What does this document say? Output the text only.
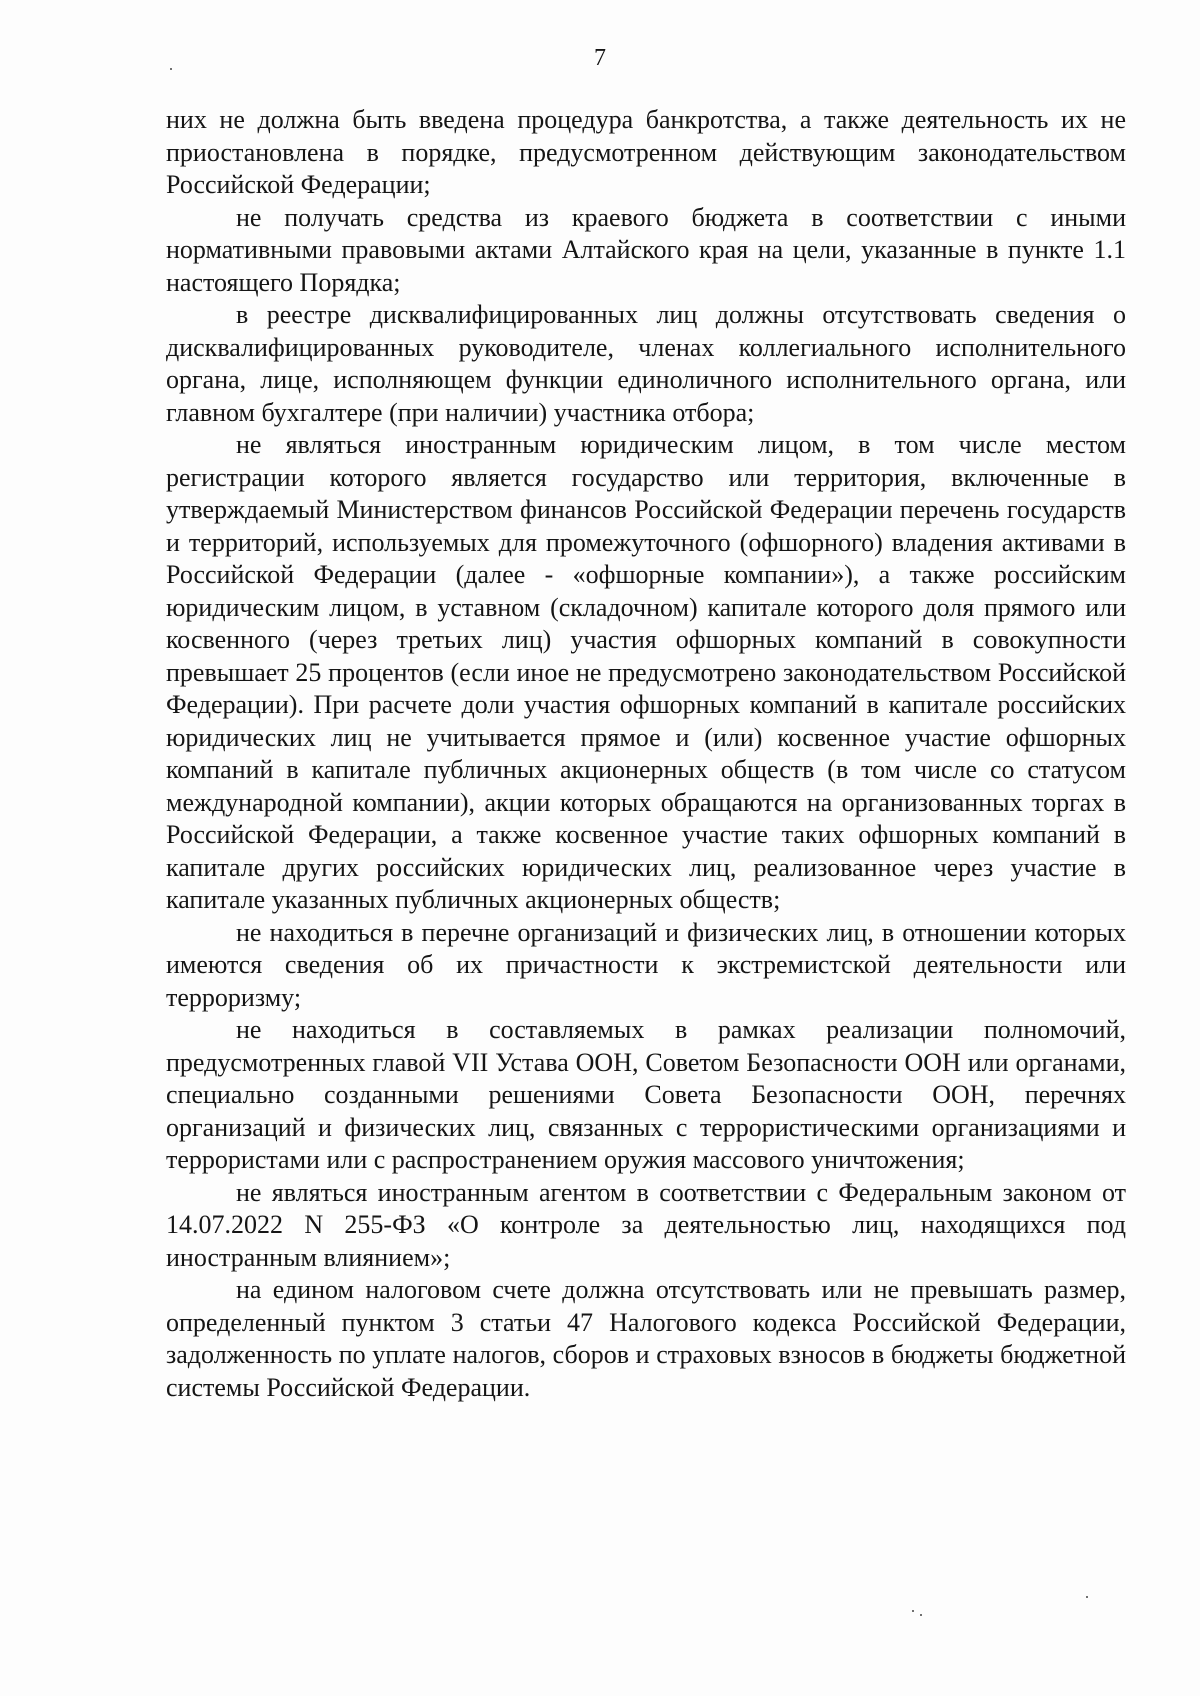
7

них не должна быть введена процедура банкротства, а также деятельность их не приостановлена в порядке, предусмотренном действующим законодательством Российской Федерации;

не получать средства из краевого бюджета в соответствии с иными нормативными правовыми актами Алтайского края на цели, указанные в пункте 1.1 настоящего Порядка;

в реестре дисквалифицированных лиц должны отсутствовать сведения о дисквалифицированных руководителе, членах коллегиального исполнительного органа, лице, исполняющем функции единоличного исполнительного органа, или главном бухгалтере (при наличии) участника отбора;

не являться иностранным юридическим лицом, в том числе местом регистрации которого является государство или территория, включенные в утверждаемый Министерством финансов Российской Федерации перечень государств и территорий, используемых для промежуточного (офшорного) владения активами в Российской Федерации (далее - «офшорные компании»), а также российским юридическим лицом, в уставном (складочном) капитале которого доля прямого или косвенного (через третьих лиц) участия офшорных компаний в совокупности превышает 25 процентов (если иное не предусмотрено законодательством Российской Федерации). При расчете доли участия офшорных компаний в капитале российских юридических лиц не учитывается прямое и (или) косвенное участие офшорных компаний в капитале публичных акционерных обществ (в том числе со статусом международной компании), акции которых обращаются на организованных торгах в Российской Федерации, а также косвенное участие таких офшорных компаний в капитале других российских юридических лиц, реализованное через участие в капитале указанных публичных акционерных обществ;

не находиться в перечне организаций и физических лиц, в отношении которых имеются сведения об их причастности к экстремистской деятельности или терроризму;

не находиться в составляемых в рамках реализации полномочий, предусмотренных главой VII Устава ООН, Советом Безопасности ООН или органами, специально созданными решениями Совета Безопасности ООН, перечнях организаций и физических лиц, связанных с террористическими организациями и террористами или с распространением оружия массового уничтожения;

не являться иностранным агентом в соответствии с Федеральным законом от 14.07.2022 N 255-ФЗ «О контроле за деятельностью лиц, находящихся под иностранным влиянием»;

на едином налоговом счете должна отсутствовать или не превышать размер, определенный пунктом 3 статьи 47 Налогового кодекса Российской Федерации, задолженность по уплате налогов, сборов и страховых взносов в бюджеты бюджетной системы Российской Федерации.
